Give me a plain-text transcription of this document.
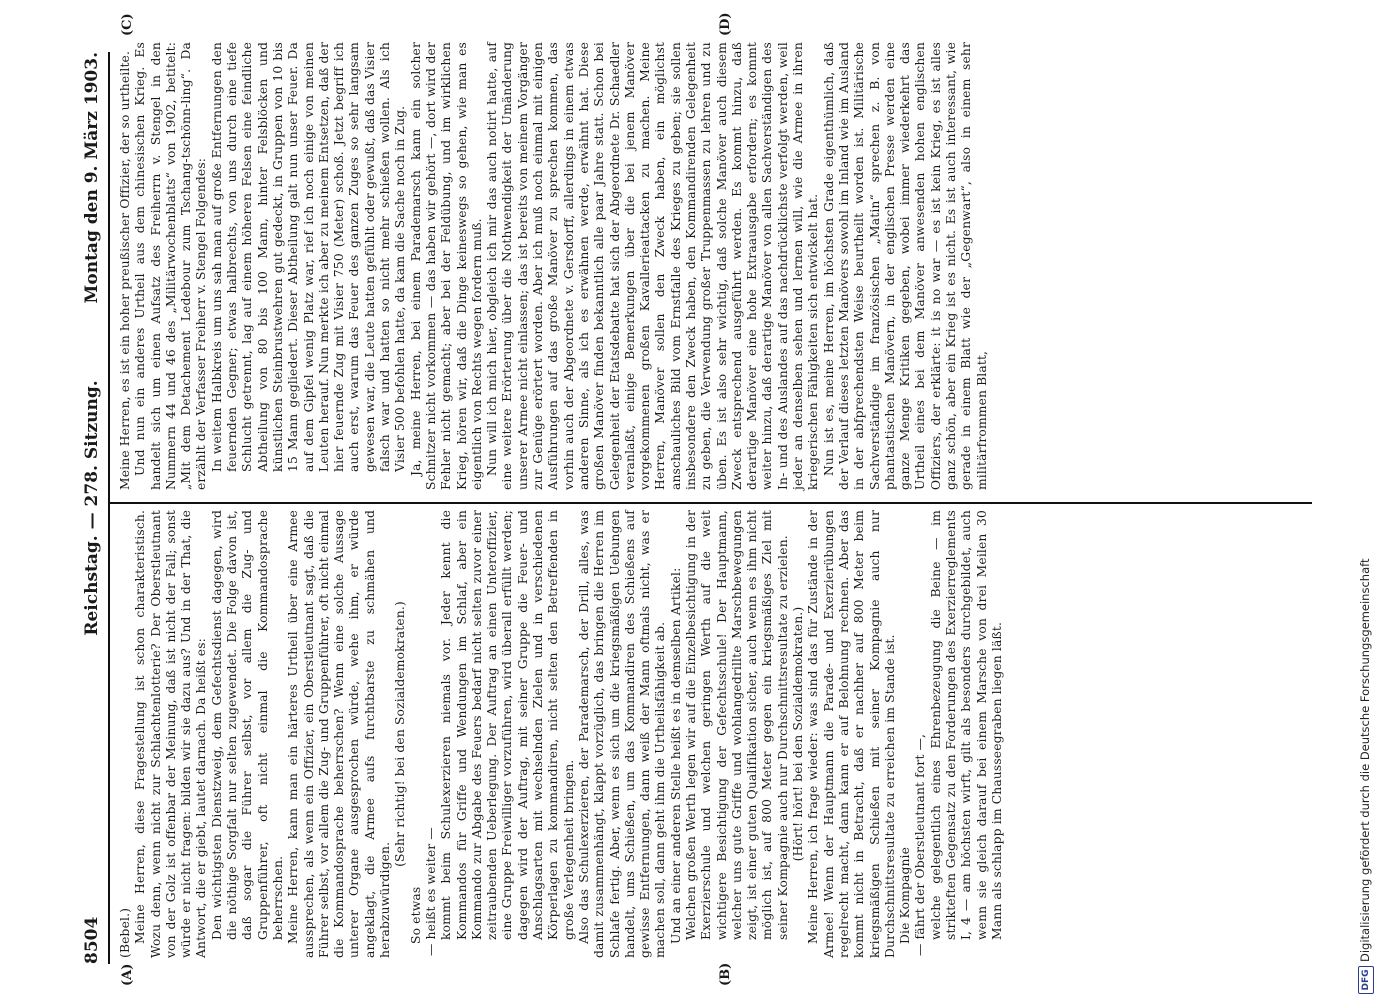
8504
Reichstag. — 278. Sitzung.
Montag den 9. März 1903.
(A)	(B)
(C)	(D)

(Bebel.) Meine Herren, diese Fragestellung ist schon charakteristisch. Wozu denn, wenn nicht zur Schlachtenlotterie? Der Oberstleutnant von der Golz ist offenbar der Meinung, daß ist nicht der Fall; sonst würde er nicht fragen: bilden wir sie dazu aus? Und in der That, die Antwort, die er giebt, lautet darnach. Da heißt es: Den wichtigsten Dienstzweig, dem Gefechtsdienst dagegen, wird die nöthige Sorgfalt nur selten zugewendet. Die Folge davon ist, daß sogar die Führer selbst, vor allem die Zug- und Gruppenführer, oft nicht einmal die Kommandosprache beherrschen. Meine Herren, kann man ein härteres Urtheil über eine Armee aussprechen, als wenn ein Offizier, ein Oberstleutnant sagt, daß die Führer selbst, vor allem die Zug- und Gruppenführer, oft nicht einmal die Kommandosprache beherrschen? Wenn eine solche Aussage unterer Organe ausgesprochen würde, wehe ihm, er würde angeklagt, die Armee aufs furchtbarste zu schmähen und herabzuwürdigen.

(Sehr richtig! bei den Sozialdemokraten.)

So etwas — heißt es weiter — kommt beim Schulexerzieren niemals vor. Jeder kennt die Kommandos für Griffe und Wendungen im Schlaf, aber ein Kommando zur Abgabe des Feuers bedarf nicht selten zuvor einer zeitraubenden Ueberlegung. Der Auftrag an einen Unteroffizier, eine Gruppe Freiwilliger vorzuführen, wird überall erfüllt werden; dagegen wird der Auftrag, mit seiner Gruppe die Feuer- und Anschlagsarten mit wechselnden Zielen und in verschiedenen Körperlagen zu kommandiren, nicht selten den Betreffenden in große Verlegenheit bringen. Also das Schulexerzieren, der Parademarsch, der Drill, alles, was damit zusammenhängt, klappt vorzüglich, das bringen die Herren im Schlafe fertig. Aber, wenn es sich um die kriegsmäßigen Uebungen handelt, ums Schießen, um das Kommandiren des Schießens auf gewisse Entfernungen, dann weiß der Mann oftmals nicht, was er machen soll, dann geht ihm die Urtheilsfähigkeit ab. Und an einer anderen Stelle heißt es in demselben Artikel: Welchen großen Werth legen wir auf die Einzelbesichtigung in der Exerzierschule und welchen geringen Werth auf die weit wichtigere Besichtigung der Gefechtsschule! Der Hauptmann, welcher uns gute Griffe und wohlangedrillte Marschbewegungen zeigt, ist einer guten Qualifikation sicher, auch wenn es ihm nicht möglich ist, auf 800 Meter gegen ein kriegsmäßiges Ziel mit seiner Kompagnie auch nur Durchschnittsresultate zu erzielen. (Hört! hört! bei den Sozialdemokraten.) Meine Herren, ich frage wieder: was sind das für Zustände in der Armee! Wenn der Hauptmann die Parade- und Exerzierübungen regelrecht macht, dann kann er auf Belohnung rechnen. Aber das kommt nicht in Betracht, daß er nachher auf 800 Meter beim kriegsmäßigen Schießen mit seiner Kompagnie auch nur Durchschnittsresultate zu erreichen im Stande ist. Die Kompagnie — fährt der Oberstleutnant fort —, welche gelegentlich eines Ehrenbezeugung die Beine — im strikteften Gegensatz zu den Forderungen des Exerzierreglements I, 4 — am höchsten wirft, gilt als besonders durchgebildet, auch wenn sie gleich darauf bei einem Marsche von drei Meilen 30 Mann als schlapp im Chausseegraben liegen läßt.

Meine Herren, es ist ein hoher preußischer Offizier, der so urtheilte. Und nun ein anderes Urtheil aus dem chinesischen Krieg. Es handelt sich um einen Aufsatz des Freiherrn v. Stengel in den Nummern 44 und 46 des „Militärwochenblatts“ von 1902, betitelt: „Mit dem Detachement Ledebour zum Tschang-tschönn-ling“. Da erzählt der Verfasser Freiherr v. Stengel Folgendes: In weitem Halbkreis um uns sah man auf große Entfernungen den feuernden Gegner; etwas halbrechts, von uns durch eine tiefe Schlucht getrennt, lag auf einem höheren Felsen eine feindliche Abtheilung von 80 bis 100 Mann, hinter Felsblöcken und künstlichen Steinbrustwehren gut gedeckt, in Gruppen von 10 bis 15 Mann gegliedert. Dieser Abtheilung galt nun unser Feuer. Da auf dem Gipfel wenig Platz war, rief ich noch einige von meinen Leuten herauf. Nun merkte ich aber zu meinem Entsetzen, daß der hier feuernde Zug mit Visier 750 (Meter) schoß. Jetzt begriff ich auch erst, warum das Feuer des ganzen Zuges so sehr langsam gewesen war, die Leute hatten gefühlt oder gewußt, daß das Visier falsch war und hatten so nicht mehr schießen wollen. Als ich Visier 500 befohlen hatte, da kam die Sache noch in Zug. Ja, meine Herren, bei einem Parademarsch kann ein solcher Schnitzer nicht vorkommen — das haben wir gehört —, dort wird der Fehler nicht gemacht; aber bei der Feldübung, und im wirklichen Krieg, hören wir, daß die Dinge keineswegs so gehen, wie man es eigentlich von Rechts wegen fordern muß. Nun will ich mich hier, obgleich ich mir das auch notirt hatte, auf eine weitere Erörterung über die Nothwendigkeit der Umänderung unserer Armee nicht einlassen; das ist bereits von meinem Vorgänger zur Genüge erörtert worden. Aber ich muß noch einmal mit einigen Ausführungen auf das große Manöver zu sprechen kommen, das vorhin auch der Abgeordnete v. Gersdorff, allerdings in einem etwas anderen Sinne, als ich es erwähnen werde, erwähnt hat. Diese großen Manöver finden bekanntlich alle paar Jahre statt. Schon bei Gelegenheit der Etatsdebatte hat sich der Abgeordnete Dr. Schaedler veranlaßt, einige Bemerkungen über die bei jenem Manöver vorgekommenen großen Kavallerieattacken zu machen. Meine Herren, Manöver sollen den Zweck haben, ein möglichst anschauliches Bild vom Ernstfalle des Krieges zu geben; sie sollen insbesondere den Zweck haben, den Kommandirenden Gelegenheit zu geben, die Verwendung großer Truppenmassen zu lehren und zu üben. Es ist also sehr wichtig, daß solche Manöver auch diesem Zweck entsprechend ausgeführt werden. Es kommt hinzu, daß derartige Manöver eine hohe Extraausgabe erfordern; es kommt weiter hinzu, daß derartige Manöver von allen Sachverständigen des In- und des Auslandes auf das nachdrücklichste verfolgt werden, weil jeder an denselben sehen und lernen will, wie die Armee in ihren kriegerischen Fähigkeiten sich entwickelt hat. Nun ist es, meine Herren, im höchsten Grade eigenthümlich, daß der Verlauf dieses letzten Manövers sowohl im Inland wie im Ausland in der abfprechendsten Weise beurtheilt worden ist. Militärische Sachverständige im französischen „Matin“ sprechen z. B. von phantastischen Manövern, in der englischen Presse werden eine ganze Menge Kritiken gegeben, wobei immer wiederkehrt das Urtheil eines bei dem Manöver anwesenden hohen englischen Offiziers, der erklärte: it is no war — es ist kein Krieg, es ist alles ganz schön, aber ein Krieg ist es nicht. Es ist auch interessant, wie gerade in einem Blatt wie der „Gegenwart“, also in einem sehr militärfrommen Blatt,

DFG
Digitalisierung gefördert durch die Deutsche Forschungsgemeinschaft
